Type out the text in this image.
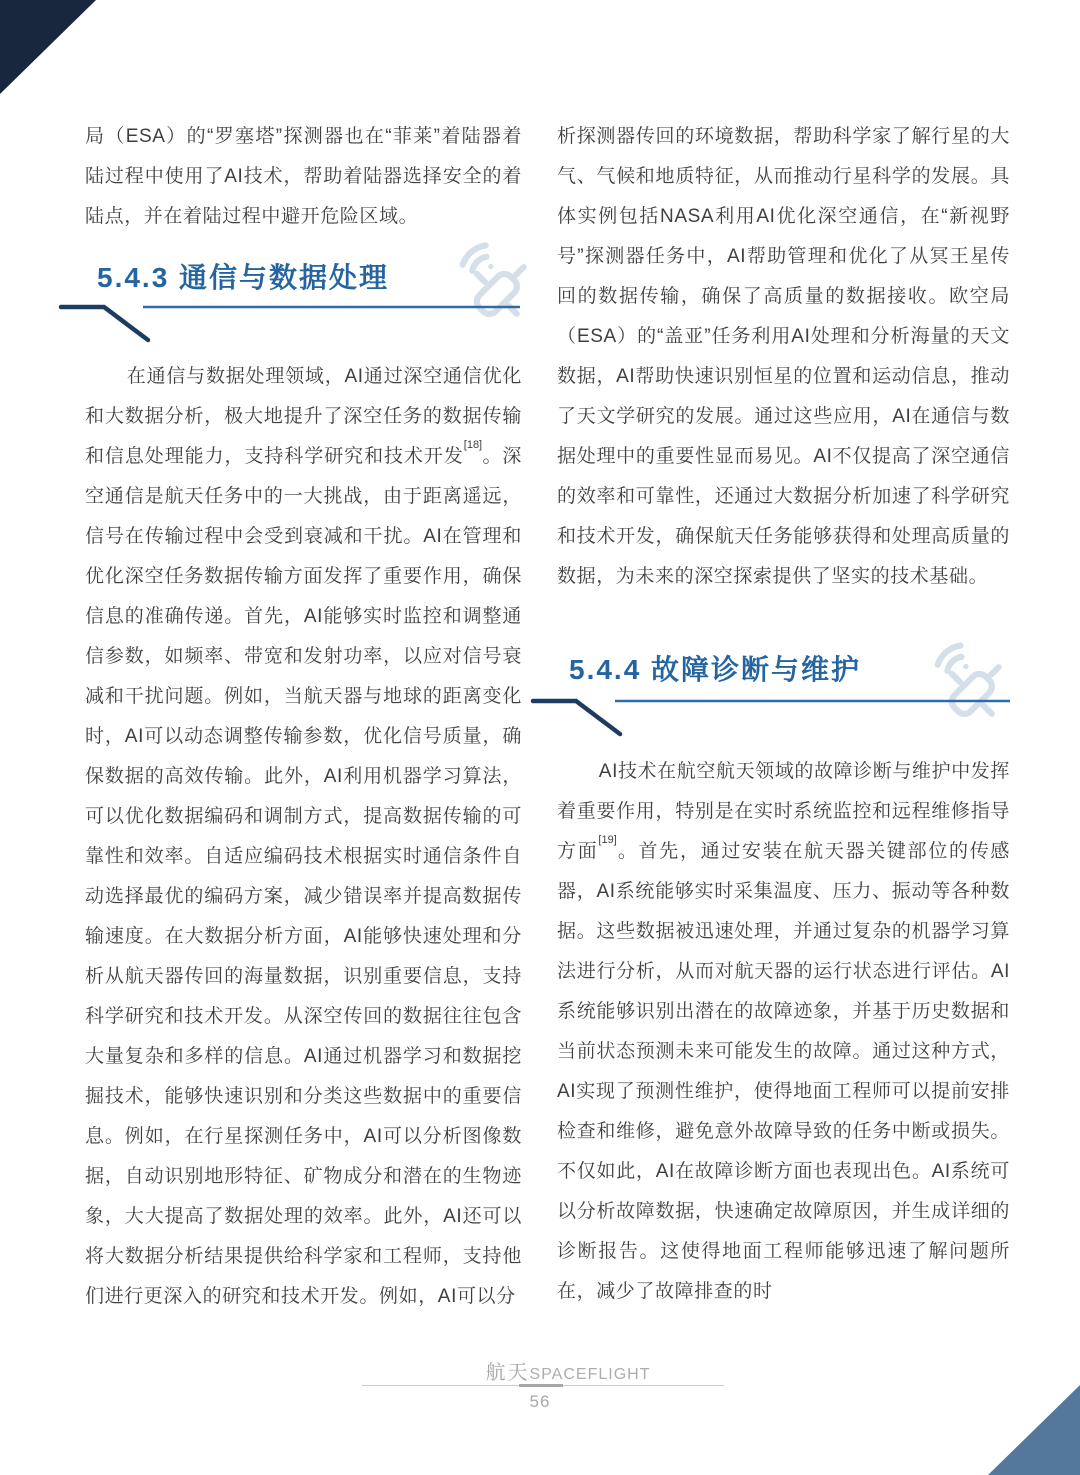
局（ESA）的“罗塞塔”探测器也在“菲莱”着陆器着陆过程中使用了AI技术，帮助着陆器选择安全的着陆点，并在着陆过程中避开危险区域。

5.4.3 通信与数据处理

在通信与数据处理领域，AI通过深空通信优化和大数据分析，极大地提升了深空任务的数据传输和信息处理能力，支持科学研究和技术开发[18]。深空通信是航天任务中的一大挑战，由于距离遥远，信号在传输过程中会受到衰减和干扰。AI在管理和优化深空任务数据传输方面发挥了重要作用，确保信息的准确传递。首先，AI能够实时监控和调整通信参数，如频率、带宽和发射功率，以应对信号衰减和干扰问题。例如，当航天器与地球的距离变化时，AI可以动态调整传输参数，优化信号质量，确保数据的高效传输。此外，AI利用机器学习算法，可以优化数据编码和调制方式，提高数据传输的可靠性和效率。自适应编码技术根据实时通信条件自动选择最优的编码方案，减少错误率并提高数据传输速度。在大数据分析方面，AI能够快速处理和分析从航天器传回的海量数据，识别重要信息，支持科学研究和技术开发。从深空传回的数据往往包含大量复杂和多样的信息。AI通过机器学习和数据挖掘技术，能够快速识别和分类这些数据中的重要信息。例如，在行星探测任务中，AI可以分析图像数据，自动识别地形特征、矿物成分和潜在的生物迹象，大大提高了数据处理的效率。此外，AI还可以将大数据分析结果提供给科学家和工程师，支持他们进行更深入的研究和技术开发。例如，AI可以分

析探测器传回的环境数据，帮助科学家了解行星的大气、气候和地质特征，从而推动行星科学的发展。具体实例包括NASA利用AI优化深空通信，在“新视野号”探测器任务中，AI帮助管理和优化了从冥王星传回的数据传输，确保了高质量的数据接收。欧空局（ESA）的“盖亚”任务利用AI处理和分析海量的天文数据，AI帮助快速识别恒星的位置和运动信息，推动了天文学研究的发展。通过这些应用，AI在通信与数据处理中的重要性显而易见。AI不仅提高了深空通信的效率和可靠性，还通过大数据分析加速了科学研究和技术开发，确保航天任务能够获得和处理高质量的数据，为未来的深空探索提供了坚实的技术基础。

5.4.4 故障诊断与维护

AI技术在航空航天领域的故障诊断与维护中发挥着重要作用，特别是在实时系统监控和远程维修指导方面[19]。首先，通过安装在航天器关键部位的传感器，AI系统能够实时采集温度、压力、振动等各种数据。这些数据被迅速处理，并通过复杂的机器学习算法进行分析，从而对航天器的运行状态进行评估。AI系统能够识别出潜在的故障迹象，并基于历史数据和当前状态预测未来可能发生的故障。通过这种方式，AI实现了预测性维护，使得地面工程师可以提前安排检查和维修，避免意外故障导致的任务中断或损失。不仅如此，AI在故障诊断方面也表现出色。AI系统可以分析故障数据，快速确定故障原因，并生成详细的诊断报告。这使得地面工程师能够迅速了解问题所在，减少了故障排查的时

航天SPACEFLIGHT
56
